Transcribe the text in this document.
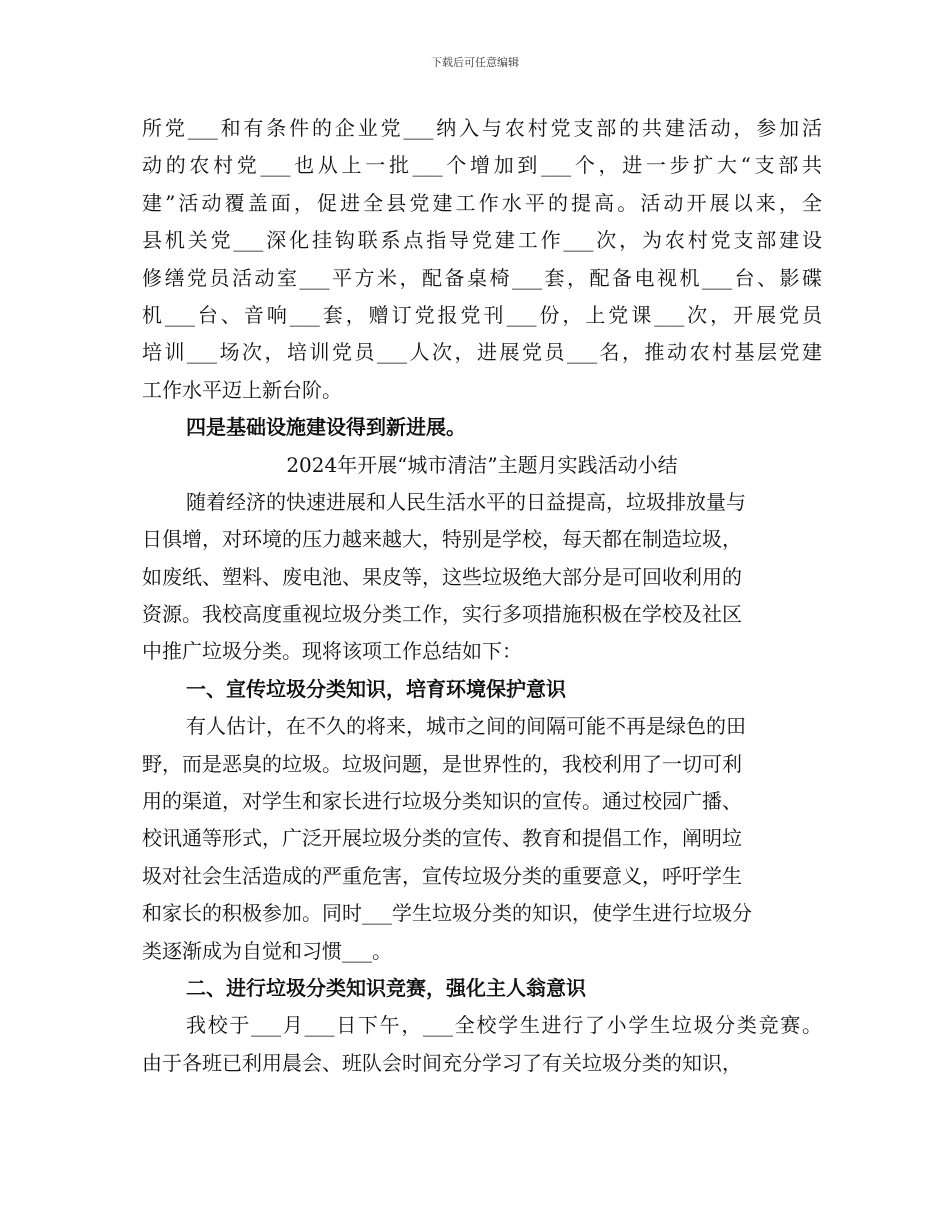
下载后可任意编辑
所党___和有条件的企业党___纳入与农村党支部的共建活动，参加活
动的农村党___也从上一批___个增加到___个，进一步扩大“支部共
建”活动覆盖面，促进全县党建工作水平的提高。活动开展以来，全
县机关党___深化挂钩联系点指导党建工作___次，为农村党支部建设
修缮党员活动室___平方米，配备桌椅___套，配备电视机___台、影碟
机___台、音响___套，赠订党报党刊___份，上党课___次，开展党员
培训___场次，培训党员___人次，进展党员___名，推动农村基层党建
工作水平迈上新台阶。
四是基础设施建设得到新进展。
2024年开展“城市清洁”主题月实践活动小结
随着经济的快速进展和人民生活水平的日益提高，垃圾排放量与
日俱增，对环境的压力越来越大，特别是学校，每天都在制造垃圾，
如废纸、塑料、废电池、果皮等，这些垃圾绝大部分是可回收利用的
资源。我校高度重视垃圾分类工作，实行多项措施积极在学校及社区
中推广垃圾分类。现将该项工作总结如下：
一、宣传垃圾分类知识，培育环境保护意识
有人估计，在不久的将来，城市之间的间隔可能不再是绿色的田
野，而是恶臭的垃圾。垃圾问题，是世界性的，我校利用了一切可利
用的渠道，对学生和家长进行垃圾分类知识的宣传。通过校园广播、
校讯通等形式，广泛开展垃圾分类的宣传、教育和提倡工作，阐明垃
圾对社会生活造成的严重危害，宣传垃圾分类的重要意义，呼吁学生
和家长的积极参加。同时___学生垃圾分类的知识，使学生进行垃圾分
类逐渐成为自觉和习惯___。
二、进行垃圾分类知识竞赛，强化主人翁意识
我校于___月___日下午，___全校学生进行了小学生垃圾分类竞赛。
由于各班已利用晨会、班队会时间充分学习了有关垃圾分类的知识，
